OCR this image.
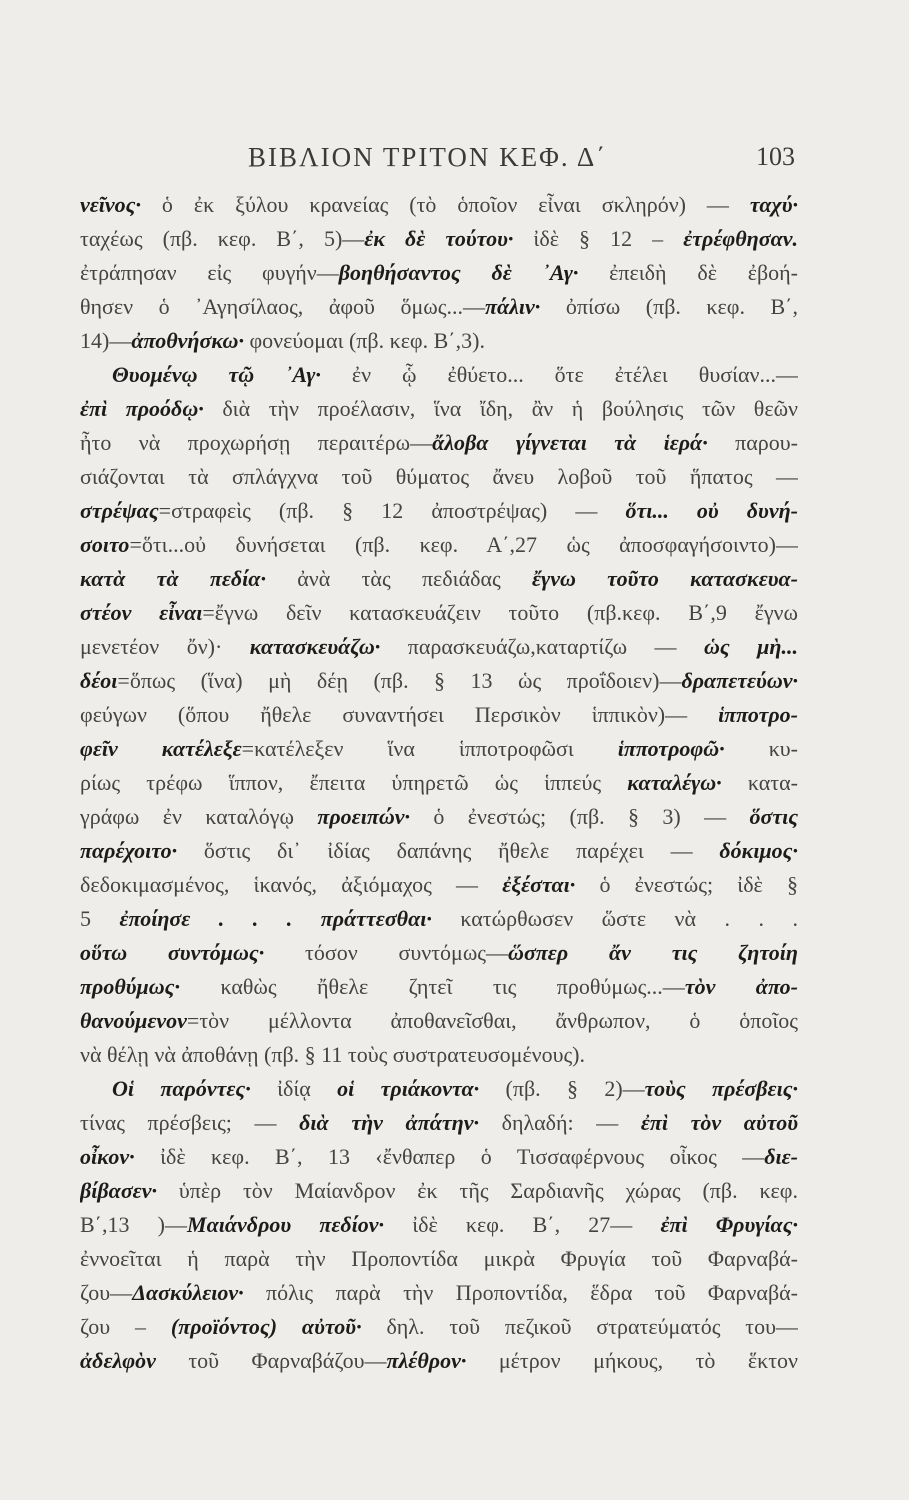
ΒΙΒΛΙΟΝ ΤΡΙΤΟΝ ΚΕΦ. Δ΄	103
νεῖνος· ὁ ἐκ ξύλου κρανείας (τὸ ὁποῖον εἶναι σκληρόν) — ταχύ·
ταχέως (πβ. κεφ. Β΄, 5)—ἐκ δὲ τούτου· ἰδὲ § 12 – ἐτρέφθησαν.
ἐτράπησαν εἰς φυγήν—βοηθήσαντος δὲ ᾿Αγ· ἐπειδὴ δὲ ἐβοή-
θησεν ὁ ᾿Αγησίλαος, ἀφοῦ ὅμως...—πάλιν· ὀπίσω (πβ. κεφ. Β΄,
14)—ἀποθνήσκω· φονεύομαι (πβ. κεφ. Β΄,3).
Θυομένῳ τῷ ᾿Αγ· ἐν ᾧ ἐθύετο... ὅτε ἐτέλει θυσίαν...—
ἐπὶ προόδῳ· διὰ τὴν προέλασιν, ἵνα ἴδη, ἂν ἡ βούλησις τῶν θεῶν
ἦτο νὰ προχωρήσῃ περαιτέρω—ἄλοβα γίγνεται τὰ ἱερά· παρου-
σιάζονται τὰ σπλάγχνα τοῦ θύματος ἄνευ λοβοῦ τοῦ ἥπατος —
στρέψας=στραφεὶς (πβ. § 12 ἀποστρέψας) — ὅτι... οὐ δυνή-
σοιτο=ὅτι...οὐ δυνήσεται (πβ. κεφ. Α΄,27 ὡς ἀποσφαγήσοιντο)—
κατὰ τὰ πεδία· ἀνὰ τὰς πεδιάδας ἔγνω τοῦτο κατασκευα-
στέον εἶναι=ἔγνω δεῖν κατασκευάζειν τοῦτο (πβ.κεφ. Β΄,9 ἔγνω
μενετέον ὄν)· κατασκευάζω· παρασκευάζω,καταρτίζω — ὡς μὴ...
δέοι=ὅπως (ἵνα) μὴ δέῃ (πβ. § 13 ὡς προΐδοιεν)—δραπετεύων·
φεύγων (ὅπου ἤθελε συναντήσει Περσικὸν ἱππικὸν)— ἱπποτρο-
φεῖν κατέλεξε=κατέλεξεν ἵνα ἱπποτροφῶσι ἱπποτροφῶ· κυ-
ρίως τρέφω ἵππον, ἔπειτα ὑπηρετῶ ὡς ἱππεύς καταλέγω· κατα-
γράφω ἐν καταλόγῳ προειπών· ὁ ἐνεστώς; (πβ. § 3) — ὅστις
παρέχοιτο· ὅστις δι᾿ ἰδίας δαπάνης ἤθελε παρέχει — δόκιμος·
δεδοκιμασμένος, ἱκανός, ἀξιόμαχος — ἐξέσται· ὁ ἐνεστώς; ἰδὲ §
5 ἐποίησε . . . πράττεσθαι· κατώρθωσεν ὥστε νὰ . . .
οὕτω συντόμως· τόσον συντόμως—ὥσπερ ἄν τις ζητοίη
προθύμως· καθὼς ἤθελε ζητεῖ τις προθύμως...—τὸν ἀπο-
θανούμενον=τὸν μέλλοντα ἀποθανεῖσθαι, ἄνθρωπον, ὁ ὁποῖος
νὰ θέλῃ νὰ ἀποθάνῃ (πβ. § 11 τοὺς συστρατευσομένους).
Οἱ παρόντες· ἰδίᾳ οἱ τριάκοντα· (πβ. § 2)—τοὺς πρέσβεις·
τίνας πρέσβεις; — διὰ τὴν ἀπάτην· δηλαδή: — ἐπὶ τὸν αὐτοῦ
οἶκον· ἰδὲ κεφ. Β΄, 13 ‹ἔνθαπερ ὁ Τισσαφέρνους οἶκος —διε-
βίβασεν· ὑπὲρ τὸν Μαίανδρον ἐκ τῆς Σαρδιανῆς χώρας (πβ. κεφ.
Β΄,13 )—Μαιάνδρου πεδίον· ἰδὲ κεφ. Β΄, 27— ἐπὶ Φρυγίας·
ἐννοεῖται ἡ παρὰ τὴν Προποντίδα μικρὰ Φρυγία τοῦ Φαρναβά-
ζου—Δασκύλειον· πόλις παρὰ τὴν Προποντίδα, ἕδρα τοῦ Φαρναβά-
ζου – (προϊόντος) αὐτοῦ· δηλ. τοῦ πεζικοῦ στρατεύματός του—
ἀδελφὸν τοῦ Φαρναβάζου—πλέθρον· μέτρον μήκους, τὸ ἕκτον
